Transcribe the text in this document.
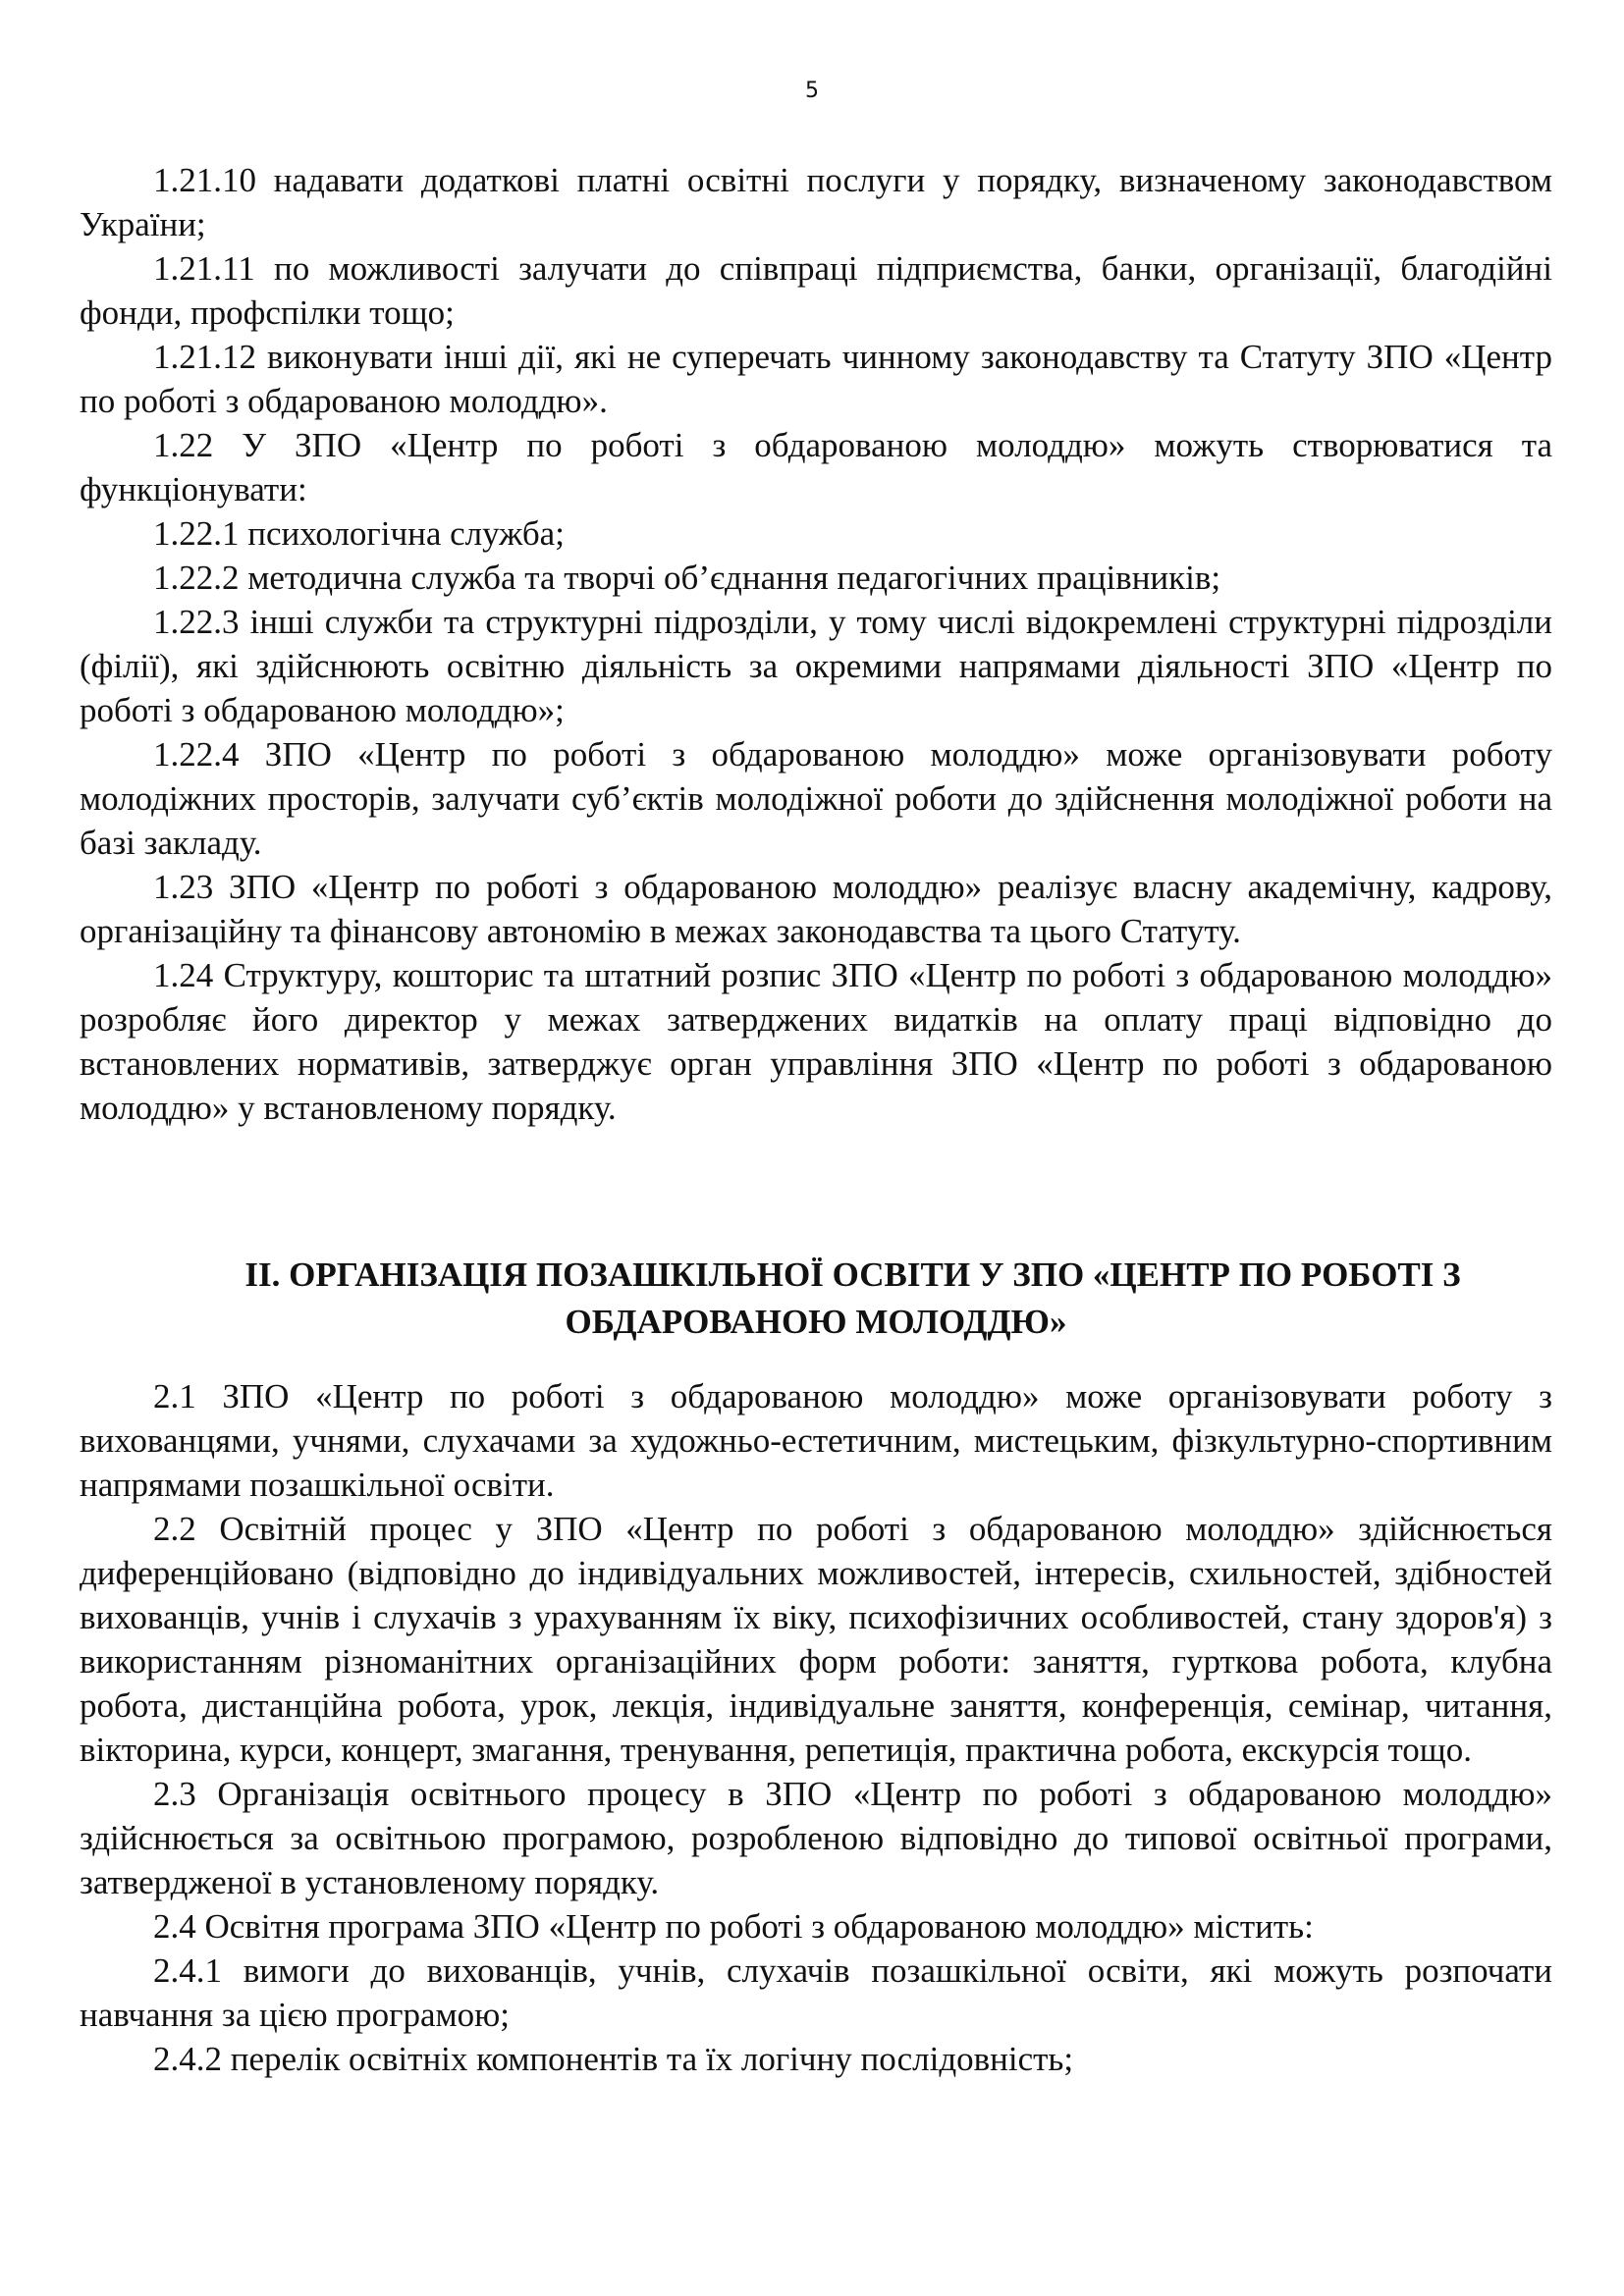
5

1.21.10 надавати додаткові платні освітні послуги у порядку, визначеному законодавством України;

1.21.11 по можливості залучати до співпраці підприємства, банки, організації, благодійні фонди, профспілки тощо;

1.21.12 виконувати інші дії, які не суперечать чинному законодавству та Статуту ЗПО «Центр по роботі з обдарованою молоддю».

1.22 У ЗПО «Центр по роботі з обдарованою молоддю» можуть створюватися та функціонувати:

1.22.1 психологічна служба;

1.22.2 методична служба та творчі об’єднання педагогічних працівників;

1.22.3 інші служби та структурні підрозділи, у тому числі відокремлені структурні підрозділи (філії), які здійснюють освітню діяльність за окремими напрямами діяльності ЗПО «Центр по роботі з обдарованою молоддю»;

1.22.4 ЗПО «Центр по роботі з обдарованою молоддю» може організовувати роботу молодіжних просторів, залучати суб’єктів молодіжної роботи до здійснення молодіжної роботи на базі закладу.

1.23 ЗПО «Центр по роботі з обдарованою молоддю» реалізує власну академічну, кадрову, організаційну та фінансову автономію в межах законодавства та цього Статуту.

1.24 Структуру, кошторис та штатний розпис ЗПО «Центр по роботі з обдарованою молоддю» розробляє його директор у межах затверджених видатків на оплату праці відповідно до встановлених нормативів, затверджує орган управління ЗПО «Центр по роботі з обдарованою молоддю» у встановленому порядку.

ІІ. ОРГАНІЗАЦІЯ ПОЗАШКІЛЬНОЇ ОСВІТИ У ЗПО «ЦЕНТР ПО РОБОТІ З
ОБДАРОВАНОЮ МОЛОДДЮ»

2.1 ЗПО «Центр по роботі з обдарованою молоддю» може організовувати роботу з вихованцями, учнями, слухачами за художньо-естетичним, мистецьким, фізкультурно-спортивним напрямами позашкільної освіти.

2.2 Освітній процес у ЗПО «Центр по роботі з обдарованою молоддю» здійснюється диференційовано (відповідно до індивідуальних можливостей, інтересів, схильностей, здібностей вихованців, учнів і слухачів з урахуванням їх віку, психофізичних особливостей, стану здоров'я) з використанням різноманітних організаційних форм роботи: заняття, гурткова робота, клубна робота, дистанційна робота, урок, лекція, індивідуальне заняття, конференція, семінар, читання, вікторина, курси, концерт, змагання, тренування, репетиція, практична робота, екскурсія тощо.

2.3 Організація освітнього процесу в ЗПО «Центр по роботі з обдарованою молоддю» здійснюється за освітньою програмою, розробленою відповідно до типової освітньої програми, затвердженої в установленому порядку.

2.4 Освітня програма ЗПО «Центр по роботі з обдарованою молоддю» містить:

2.4.1 вимоги до вихованців, учнів, слухачів позашкільної освіти, які можуть розпочати навчання за цією програмою;

2.4.2 перелік освітніх компонентів та їх логічну послідовність;
